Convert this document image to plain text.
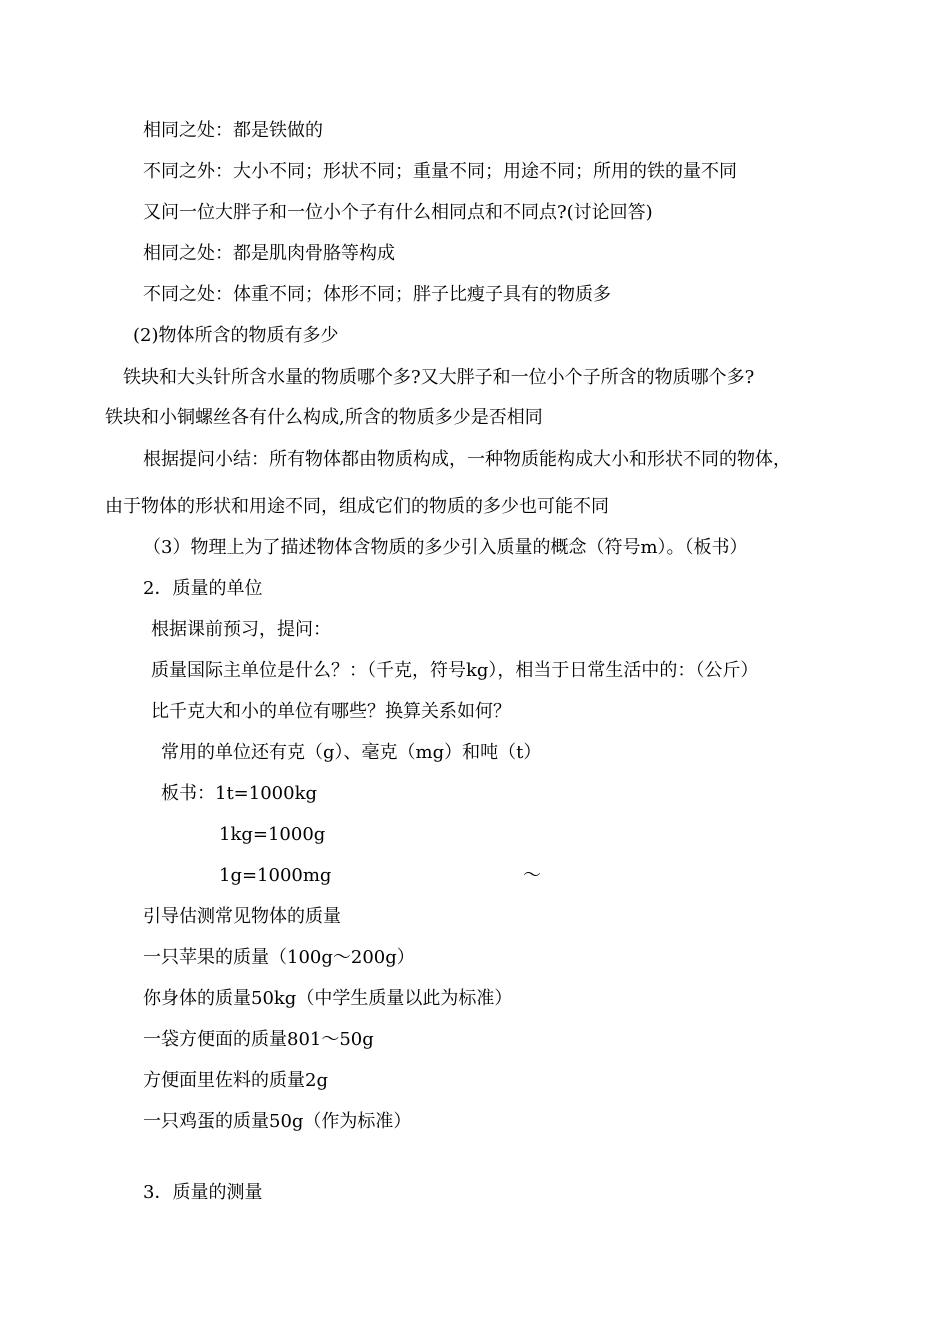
相同之处：都是铁做的
不同之外：大小不同；形状不同；重量不同；用途不同；所用的铁的量不同
又问一位大胖子和一位小个子有什么相同点和不同点?(讨论回答)
相同之处：都是肌肉骨胳等构成
不同之处：体重不同；体形不同；胖子比瘦子具有的物质多
(2)物体所含的物质有多少
铁块和大头针所含水量的物质哪个多?又大胖子和一位小个子所含的物质哪个多?
铁块和小铜螺丝各有什么构成,所含的物质多少是否相同
根据提问小结：所有物体都由物质构成，一种物质能构成大小和形状不同的物体，
由于物体的形状和用途不同，组成它们的物质的多少也可能不同
（3）物理上为了描述物体含物质的多少引入质量的概念（符号m）。（板书）
2．质量的单位
根据课前预习，提问：
质量国际主单位是什么？：（千克，符号kg），相当于日常生活中的：（公斤）
比千克大和小的单位有哪些？换算关系如何？
常用的单位还有克（g）、毫克（mg）和吨（t）
板书：1t=1000kg
1kg=1000g
1g=1000mg	～
引导估测常见物体的质量
一只苹果的质量（100g～200g）
你身体的质量50kg（中学生质量以此为标准）
一袋方便面的质量801～50g
方便面里佐料的质量2g
一只鸡蛋的质量50g（作为标准）
3．质量的测量
